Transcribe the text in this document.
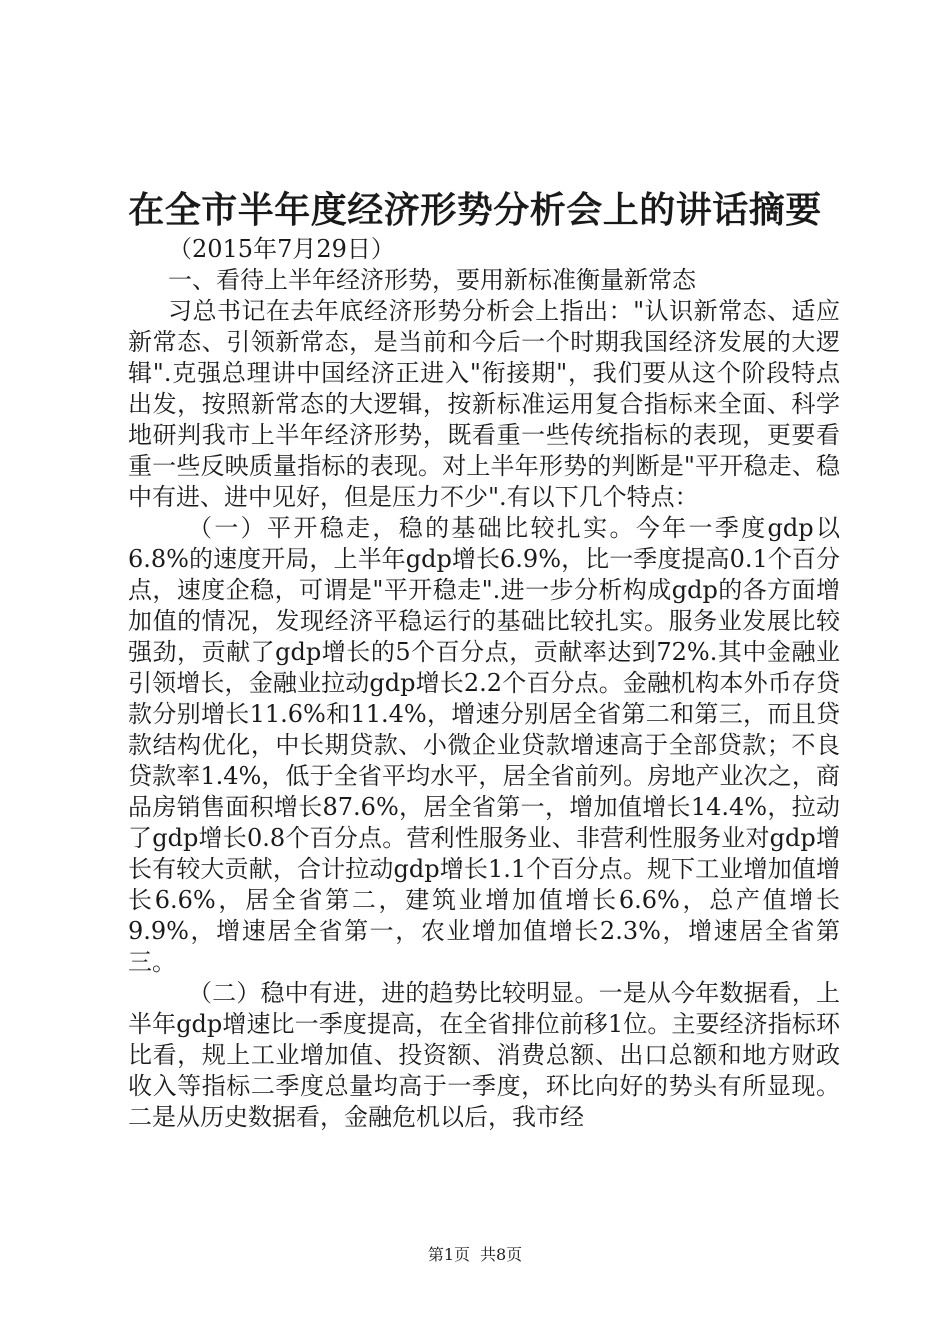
在全市半年度经济形势分析会上的讲话摘要

（2015年7月29日）

一、看待上半年经济形势，要用新标准衡量新常态

习总书记在去年底经济形势分析会上指出："认识新常态、适应新常态、引领新常态，是当前和今后一个时期我国经济发展的大逻辑".克强总理讲中国经济正进入"衔接期"，我们要从这个阶段特点出发，按照新常态的大逻辑，按新标准运用复合指标来全面、科学地研判我市上半年经济形势，既看重一些传统指标的表现，更要看重一些反映质量指标的表现。对上半年形势的判断是"平开稳走、稳中有进、进中见好，但是压力不少".有以下几个特点：

（一）平开稳走，稳的基础比较扎实。今年一季度gdp以6.8%的速度开局，上半年gdp增长6.9%，比一季度提高0.1个百分点，速度企稳，可谓是"平开稳走".进一步分析构成gdp的各方面增加值的情况，发现经济平稳运行的基础比较扎实。服务业发展比较强劲，贡献了gdp增长的5个百分点，贡献率达到72%.其中金融业引领增长，金融业拉动gdp增长2.2个百分点。金融机构本外币存贷款分别增长11.6%和11.4%，增速分别居全省第二和第三，而且贷款结构优化，中长期贷款、小微企业贷款增速高于全部贷款；不良贷款率1.4%，低于全省平均水平，居全省前列。房地产业次之，商品房销售面积增长87.6%，居全省第一，增加值增长14.4%，拉动了gdp增长0.8个百分点。营利性服务业、非营利性服务业对gdp增长有较大贡献，合计拉动gdp增长1.1个百分点。规下工业增加值增长6.6%，居全省第二，建筑业增加值增长6.6%，总产值增长9.9%，增速居全省第一，农业增加值增长2.3%，增速居全省第三。

（二）稳中有进，进的趋势比较明显。一是从今年数据看，上半年gdp增速比一季度提高，在全省排位前移1位。主要经济指标环比看，规上工业增加值、投资额、消费总额、出口总额和地方财政收入等指标二季度总量均高于一季度，环比向好的势头有所显现。二是从历史数据看，金融危机以后，我市经

第1页 共8页
